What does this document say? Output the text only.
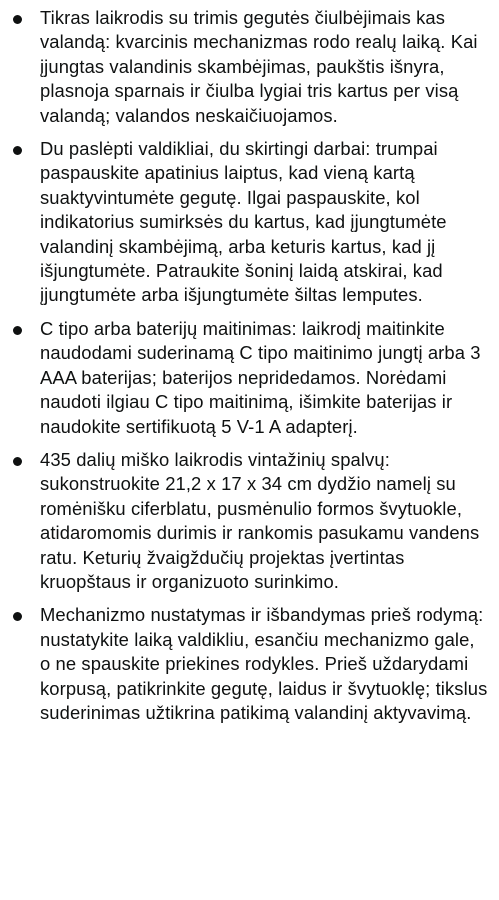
Tikras laikrodis su trimis gegutės čiulbėjimais kas valandą: kvarcinis mechanizmas rodo realų laiką. Kai įjungtas valandinis skambėjimas, paukštis išnyra, plasnoja sparnais ir čiulba lygiai tris kartus per visą valandą; valandos neskaičiuojamos.
Du paslėpti valdikliai, du skirtingi darbai: trumpai paspauskite apatinius laiptus, kad vieną kartą suaktyvintumėte gegutę. Ilgai paspauskite, kol indikatorius sumirksės du kartus, kad įjungtumėte valandinį skambėjimą, arba keturis kartus, kad jį išjungtumėte. Patraukite šoninį laidą atskirai, kad įjungtumėte arba išjungtumėte šiltas lemputes.
C tipo arba baterijų maitinimas: laikrodį maitinkite naudodami suderinamą C tipo maitinimo jungtį arba 3 AAA baterijas; baterijos nepridedamos. Norėdami naudoti ilgiau C tipo maitinimą, išimkite baterijas ir naudokite sertifikuotą 5 V-1 A adapterį.
435 dalių miško laikrodis vintažinių spalvų: sukonstruokite 21,2 x 17 x 34 cm dydžio namelį su romėnišku ciferblatu, pusmėnulio formos švytuokle, atidaromomis durimis ir rankomis pasukamu vandens ratu. Keturių žvaigždučių projektas įvertintas kruopštaus ir organizuoto surinkimo.
Mechanizmo nustatymas ir išbandymas prieš rodymą: nustatykite laiką valdikliu, esančiu mechanizmo gale, o ne spauskite priekines rodykles. Prieš uždarydami korpusą, patikrinkite gegutę, laidus ir švytuoklę; tikslus suderinimas užtikrina patikimą valandinį aktyvavimą.
